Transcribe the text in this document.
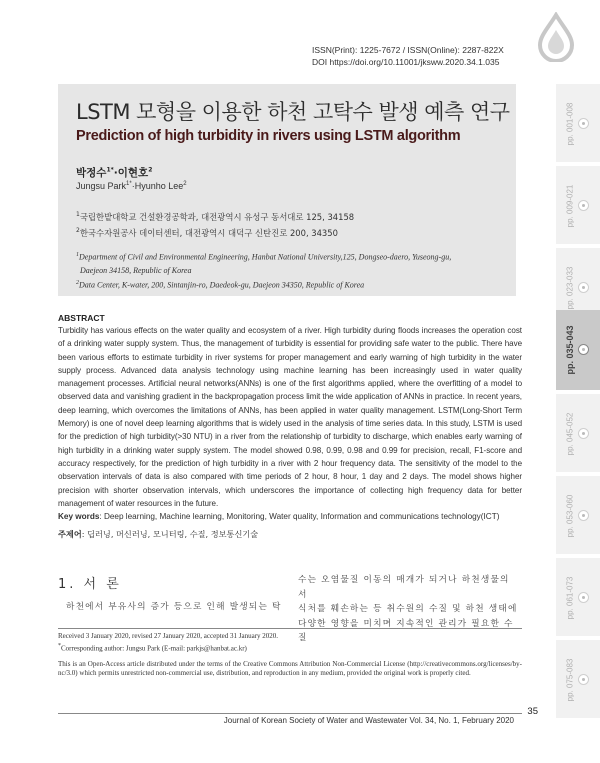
ISSN(Print): 1225-7672 / ISSN(Online): 2287-822X
DOI https://doi.org/10.11001/jksww.2020.34.1.035
LSTM 모형을 이용한 하천 고탁수 발생 예측 연구
Prediction of high turbidity in rivers using LSTM algorithm
박정수$^{1*}$·이현호$^2$
Jungsu Park$^{1*}$·Hyunho Lee$^2$
$^1$국립한밭대학교 건설환경공학과, 대전광역시 유성구 동서대로 125, 34158
$^2$한국수자원공사 데이터센터, 대전광역시 대덕구 신탄진로 200, 34350
$^1$Department of Civil and Environmental Engineering, Hanbat National University,125, Dongseo-daero, Yuseong-gu,
Daejeon 34158, Republic of Korea
$^2$Data Center, K-water, 200, Sintanjin-ro, Daedeok-gu, Daejeon 34350, Republic of Korea
pp. 001-008
pp. 009-021
pp. 023-033
pp. 035-043
pp. 045-052
pp. 053-060
pp. 061-073
pp. 075-083
ABSTRACT
Turbidity has various effects on the water quality and ecosystem of a river. High turbidity during floods increases the operation cost of a drinking water supply system. Thus, the management of turbidity is essential for providing safe water to the public. There have been various efforts to estimate turbidity in river systems for proper management and early warning of high turbidity in the water supply process. Advanced data analysis technology using machine learning has been increasingly used in water quality management processes. Artificial neural networks(ANNs) is one of the first algorithms applied, where the overfitting of a model to observed data and vanishing gradient in the backpropagation process limit the wide application of ANNs in practice. In recent years, deep learning, which overcomes the limitations of ANNs, has been applied in water quality management. LSTM(Long-Short Term Memory) is one of novel deep learning algorithms that is widely used in the analysis of time series data. In this study, LSTM is used for the prediction of high turbidity(>30 NTU) in a river from the relationship of turbidity to discharge, which enables early warning of high turbidity in a drinking water supply system. The model showed 0.98, 0.99, 0.98 and 0.99 for precision, recall, F1-score and accuracy respectively, for the prediction of high turbidity in a river with 2 hour frequency data. The sensitivity of the model to the observation intervals of data is also compared with time periods of 2 hour, 8 hour, 1 day and 2 days. The model shows higher precision with shorter observation intervals, which underscores the importance of collecting high frequency data for better management of water resources in the future.
Key words: Deep learning, Machine learning, Monitoring, Water quality, Information and communications technology(ICT)
주제어: 딥러닝, 머신러닝, 모니터링, 수질, 정보통신기술
1. 서 론
하천에서 부유사의 증가 등으로 인해 발생되는 탁
수는 오염물질 이동의 매개가 되거나 하천생물의 서
식처를 훼손하는 등 취수원의 수질 및 하천 생태에
다양한 영향을 미치며 지속적인 관리가 필요한 수질
Received 3 January 2020, revised 27 January 2020, accepted 31 January 2020.
*Corresponding author: Jungsu Park (E-mail: parkjs@hanbat.ac.kr)
This is an Open-Access article distributed under the terms of the Creative Commons Attribution Non-Commercial License (http://creativecommons.org/licenses/by-nc/3.0) which permits unrestricted non-commercial use, distribution, and reproduction in any medium, provided the original work is properly cited.
35
Journal of Korean Society of Water and Wastewater Vol. 34, No. 1, February 2020
